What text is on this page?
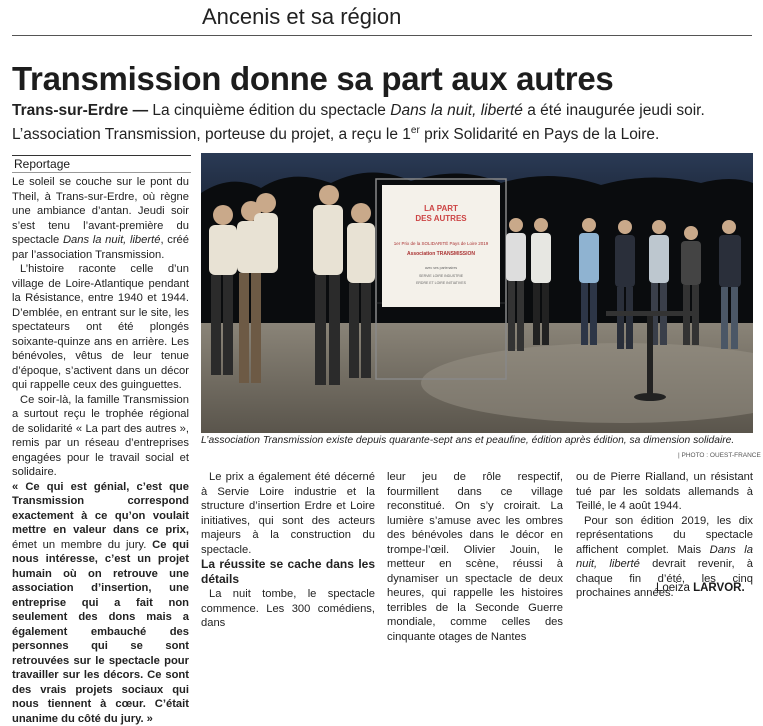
Ancenis et sa région
Transmission donne sa part aux autres
Trans-sur-Erdre — La cinquième édition du spectacle Dans la nuit, liberté a été inaugurée jeudi soir. L’association Transmission, porteuse du projet, a reçu le 1er prix Solidarité en Pays de la Loire.
Reportage

Le soleil se couche sur le pont du Theil, à Trans-sur-Erdre, où règne une ambiance d’antan. Jeudi soir s’est tenu l’avant-première du spectacle Dans la nuit, liberté, créé par l’association Transmission.

L’histoire raconte celle d’un village de Loire-Atlantique pendant la Résistance, entre 1940 et 1944. D’emblée, en entrant sur le site, les spectateurs ont été plongés soixante-quinze ans en arrière. Les bénévoles, vêtus de leur tenue d’époque, s’activent dans un décor qui rappelle ceux des guinguettes.

Ce soir-là, la famille Transmission a surtout reçu le trophée régional de solidarité « La part des autres », remis par un réseau d’entreprises engagées pour le travail social et solidaire.

« Ce qui est génial, c’est que Transmission correspond exactement à ce qu’on voulait mettre en valeur dans ce prix, émet un membre du jury. Ce qui nous intéresse, c’est un projet humain où on retrouve une association d’insertion, une entreprise qui a fait non seulement des dons mais a également embauché des personnes qui se sont retrouvées sur le spectacle pour travailler sur les décors. Ce sont des vrais projets sociaux qui nous tiennent à cœur. C’était unanime du côté du jury. »

LA PART
DES AUTRES
1er Prix de la SOLIDARITÉ Pays de Loire 2019
Association TRANSMISSION
avec ses partenaires
SERVIE LOIRE INDUSTRIE
ERDRE ET LOIRE INITIATIVES
L’association Transmission existe depuis quarante-sept ans et peaufine, édition après édition, sa dimension solidaire.
| PHOTO : OUEST-FRANCE

Le prix a également été décerné à Servie Loire industrie et la structure d’insertion Erdre et Loire initiatives, qui sont des acteurs majeurs à la construction du spectacle.

La réussite se cache dans les détails

La nuit tombe, le spectacle commence. Les 300 comédiens, dans

leur jeu de rôle respectif, fourmillent dans ce village reconstitué. On s’y croirait. La lumière s’amuse avec les ombres des bénévoles dans le décor en trompe-l’œil. Olivier Jouin, le metteur en scène, réussi à dynamiser un spectacle de deux heures, qui rappelle les histoires terribles de la Seconde Guerre mondiale, comme celles des cinquante otages de Nantes

ou de Pierre Rialland, un résistant tué par les soldats allemands à Teillé, le 4 août 1944.

Pour son édition 2019, les dix représentations du spectacle affichent complet. Mais Dans la nuit, liberté devrait revenir, à chaque fin d’été, les cinq prochaines années.

Loeiza LARVOR.
